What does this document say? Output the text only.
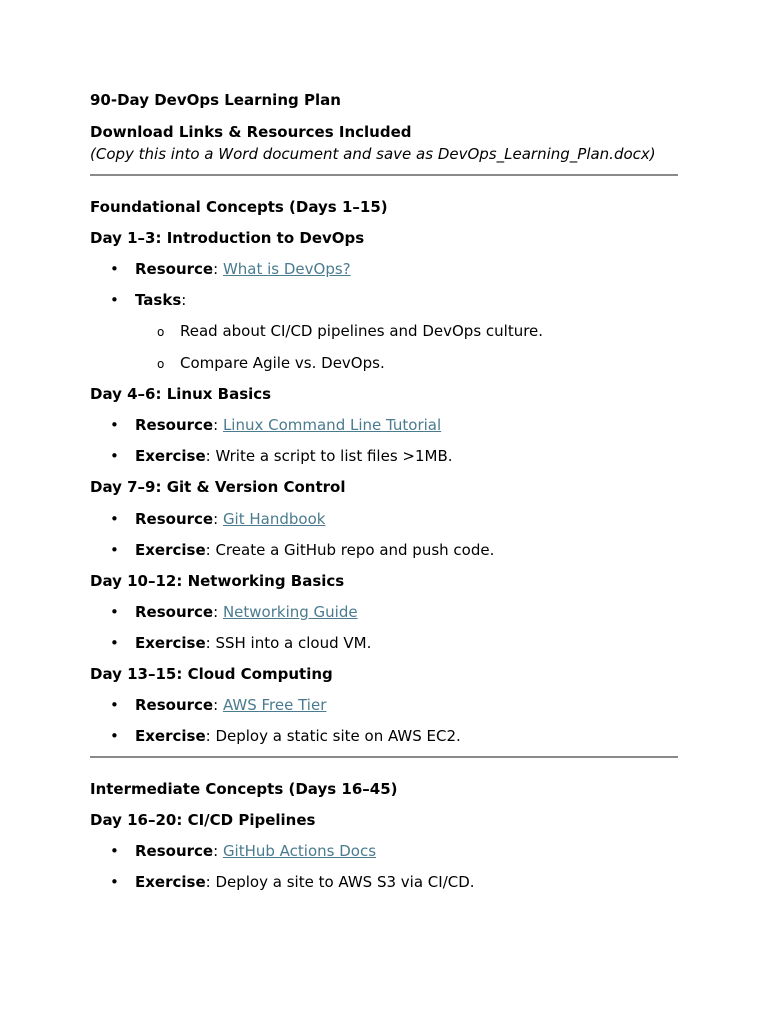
90-Day DevOps Learning Plan

Download Links & Resources Included

(Copy this into a Word document and save as DevOps_Learning_Plan.docx)

Foundational Concepts (Days 1–15)

Day 1–3: Introduction to DevOps

• Resource: What is DevOps?
• Tasks:
o Read about CI/CD pipelines and DevOps culture.
o Compare Agile vs. DevOps.

Day 4–6: Linux Basics

• Resource: Linux Command Line Tutorial
• Exercise: Write a script to list files >1MB.

Day 7–9: Git & Version Control

• Resource: Git Handbook
• Exercise: Create a GitHub repo and push code.

Day 10–12: Networking Basics

• Resource: Networking Guide
• Exercise: SSH into a cloud VM.

Day 13–15: Cloud Computing

• Resource: AWS Free Tier
• Exercise: Deploy a static site on AWS EC2.

Intermediate Concepts (Days 16–45)

Day 16–20: CI/CD Pipelines

• Resource: GitHub Actions Docs
• Exercise: Deploy a site to AWS S3 via CI/CD.
